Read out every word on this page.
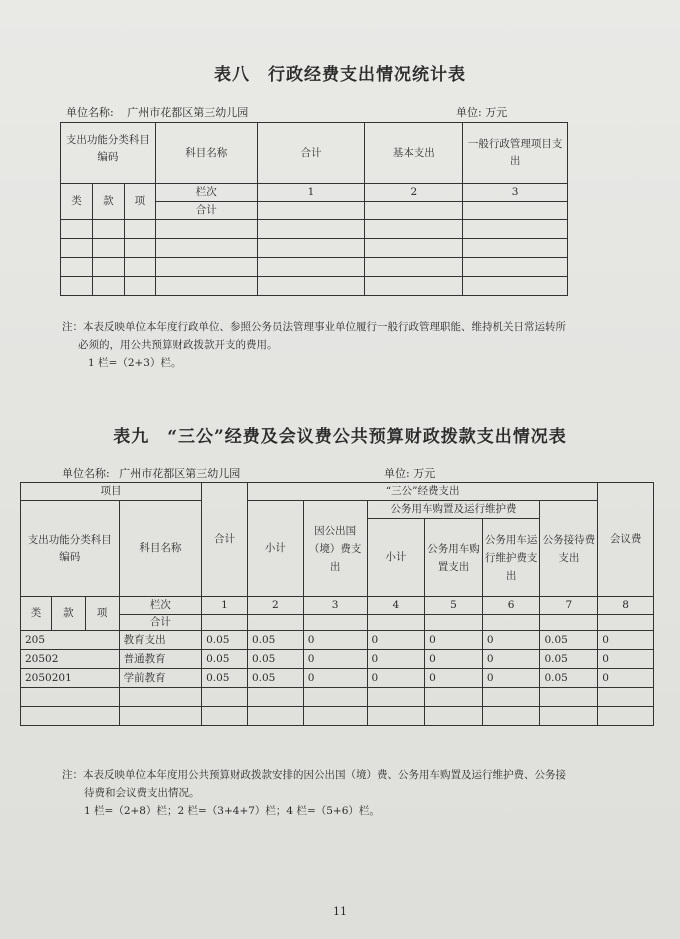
表八　行政经费支出情况统计表
单位名称: 广州市花都区第三幼儿园	单位: 万元
支出功能分类科目编码			科目名称	合计	基本支出	一般行政管理项目支出

类	款	项	栏次	1	2	3
			合计			

注：本表反映单位本年度行政单位、参照公务员法管理事业单位履行一般行政管理职能、维持机关日常运转所
必须的，用公共预算财政拨款开支的费用。
1 栏=（2+3）栏。
表九　“三公”经费及会议费公共预算财政拨款支出情况表
单位名称: 广州市花都区第三幼儿园	单位: 万元
项目				合计	“三公”经费支出						会议费

支出功能分类科目编码			科目名称		小计	因公出国（境）费支出	公务用车购置及运行维护费			公务接待费支出	

							小计	公务用车购置支出	公务用车运行维护费支出		

类	款	项	栏次	1	2	3	4	5	6	7	8
			合计								
205			教育支出	0.05	0.05	0	0	0	0	0.05	0
20502			普通教育	0.05	0.05	0	0	0	0	0.05	0
2050201			学前教育	0.05	0.05	0	0	0	0	0.05	0

注：本表反映单位本年度用公共预算财政拨款安排的因公出国（境）费、公务用车购置及运行维护费、公务接
待费和会议费支出情况。
1 栏=（2+8）栏；2 栏=（3+4+7）栏；4 栏=（5+6）栏。
11
